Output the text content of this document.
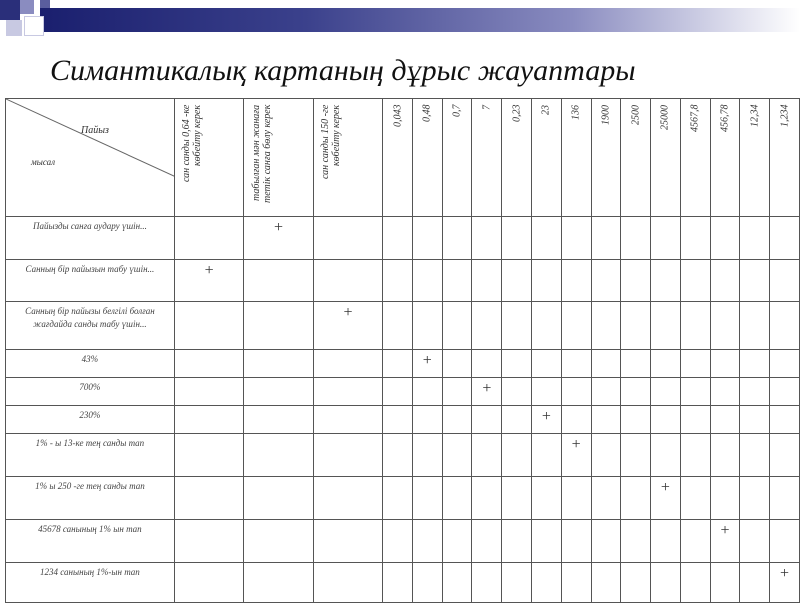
Симантикалық картаның дұрыс жауаптары
Пайыз
мысал	сан санды 0,64 -ке көбейту керек	табылған мән жанаға тетік санға бөлу керек	сан санды 150 -ге көбейту керек	0,043	0,48	0,7	7	0,23	23	136	1900	2500	25000	4567,8	456,78	12,34	1,234

Пайызды санға аудару үшін...		+															
Санның бір пайызын табу үшін...	+																
Санның бір пайызы белгілі болған жағдайда санды табу үшін...			+														
43%					+												
700%							+										
230%									+								
1% - ы 13-ке тең санды тап										+							
1% ы 250 -ге тең санды тап													+				
45678 санының 1% ын тап															+		
1234 санының 1%-ын тап																	+
